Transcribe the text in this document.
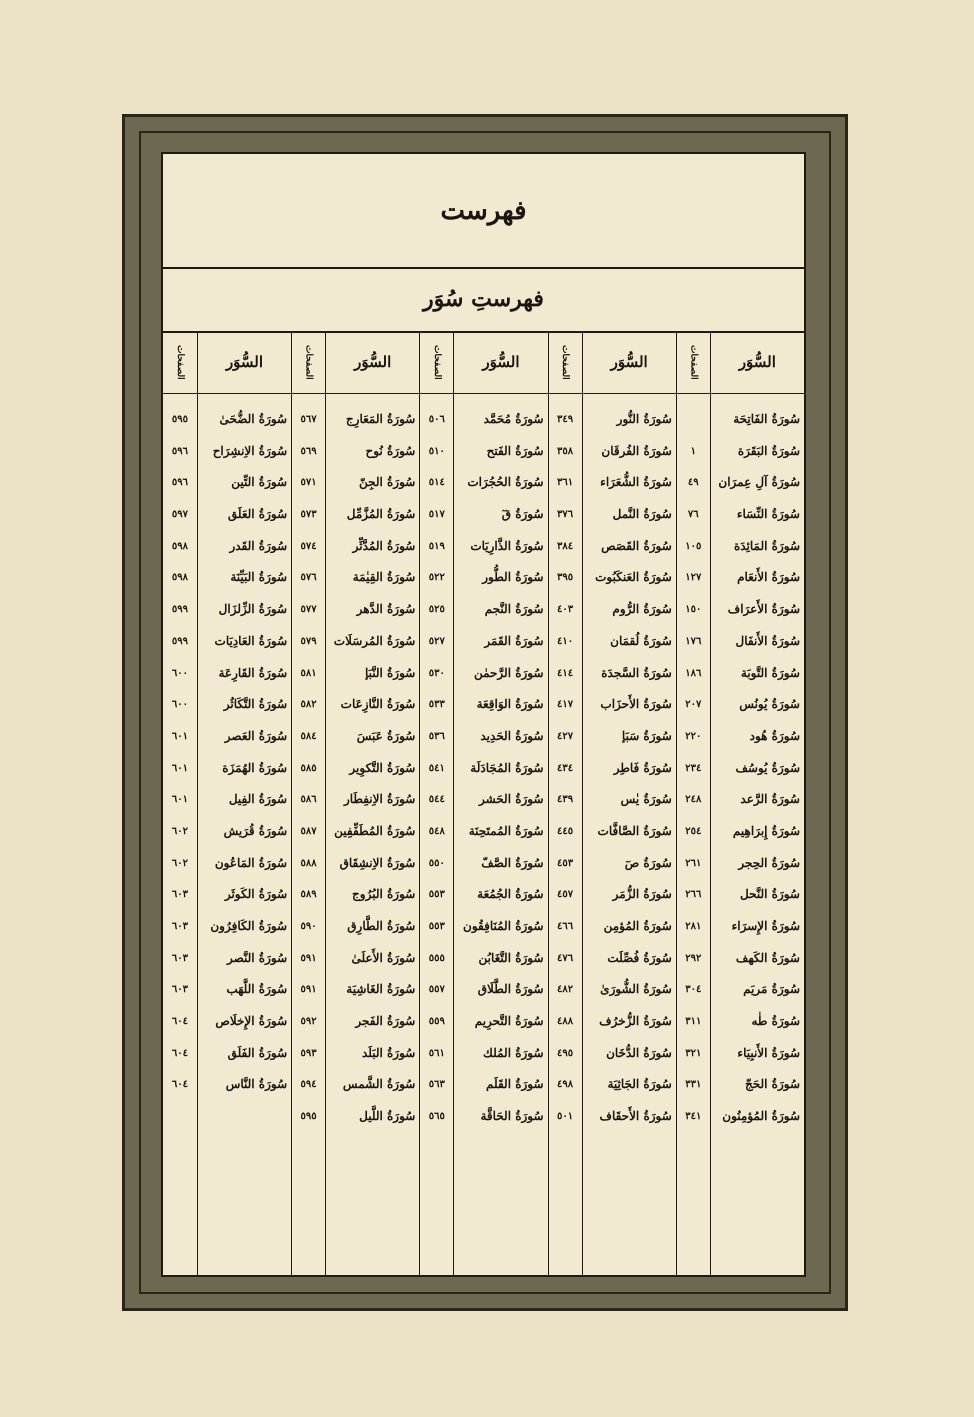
فهرست
فهرستِ سُوَر
السُّوَر
سُورَةُ الفَاتِحَة
سُورَةُ البَقَرَة
سُورَةُ آلِ عِمرَان
سُورَةُ النِّسَاء
سُورَةُ المَائِدَة
سُورَةُ الأَنعَام
سُورَةُ الأَعرَاف
سُورَةُ الأَنفَال
سُورَةُ التَّوبَة
سُورَةُ يُونُس
سُورَةُ هُود
سُورَةُ يُوسُف
سُورَةُ الرَّعد
سُورَةُ إِبرَاهِيم
سُورَةُ الحِجر
سُورَةُ النَّحل
سُورَةُ الإِسرَاء
سُورَةُ الكَهف
سُورَةُ مَريَم
سُورَةُ طٰه
سُورَةُ الأَنبِيَاء
سُورَةُ الحَجّ
سُورَةُ المُؤمِنُون
الصفحات
١
٤٩
٧٦
١٠٥
١٢٧
١٥٠
١٧٦
١٨٦
٢٠٧
٢٢٠
٢٣٤
٢٤٨
٢٥٤
٢٦١
٢٦٦
٢٨١
٢٩٢
٣٠٤
٣١١
٣٢١
٣٣١
٣٤١
السُّوَر
سُورَةُ النُّور
سُورَةُ الفُرقَان
سُورَةُ الشُّعَرَاء
سُورَةُ النَّمل
سُورَةُ القَصَص
سُورَةُ العَنكَبُوت
سُورَةُ الرُّوم
سُورَةُ لُقمَان
سُورَةُ السَّجدَة
سُورَةُ الأَحزَاب
سُورَةُ سَبَإ
سُورَةُ فَاطِر
سُورَةُ يٰس
سُورَةُ الصَّافَّات
سُورَةُ صٓ
سُورَةُ الزُّمَر
سُورَةُ المُؤمِن
سُورَةُ فُصِّلَت
سُورَةُ الشُّورَىٰ
سُورَةُ الزُّخرُف
سُورَةُ الدُّخَان
سُورَةُ الجَاثِيَة
سُورَةُ الأَحقَاف
الصفحات
٣٤٩
٣٥٨
٣٦١
٣٧٦
٣٨٤
٣٩٥
٤٠٣
٤١٠
٤١٤
٤١٧
٤٢٧
٤٣٤
٤٣٩
٤٤٥
٤٥٣
٤٥٧
٤٦٦
٤٧٦
٤٨٢
٤٨٨
٤٩٥
٤٩٨
٥٠١
السُّوَر
سُورَةُ مُحَمَّد
سُورَةُ الفَتح
سُورَةُ الحُجُرَات
سُورَةُ قٓ
سُورَةُ الذَّارِيَات
سُورَةُ الطُّور
سُورَةُ النَّجم
سُورَةُ القَمَر
سُورَةُ الرَّحمٰن
سُورَةُ الوَاقِعَة
سُورَةُ الحَدِيد
سُورَةُ المُجَادَلَة
سُورَةُ الحَشر
سُورَةُ المُمتَحِنَة
سُورَةُ الصَّفّ
سُورَةُ الجُمُعَة
سُورَةُ المُنَافِقُون
سُورَةُ التَّغَابُن
سُورَةُ الطَّلَاق
سُورَةُ التَّحرِيم
سُورَةُ المُلك
سُورَةُ القَلَم
سُورَةُ الحَاقَّة
الصفحات
٥٠٦
٥١٠
٥١٤
٥١٧
٥١٩
٥٢٢
٥٢٥
٥٢٧
٥٣٠
٥٣٣
٥٣٦
٥٤١
٥٤٤
٥٤٨
٥٥٠
٥٥٣
٥٥٣
٥٥٥
٥٥٧
٥٥٩
٥٦١
٥٦٣
٥٦٥
السُّوَر
سُورَةُ المَعَارِج
سُورَةُ نُوح
سُورَةُ الجِنّ
سُورَةُ المُزَّمِّل
سُورَةُ المُدَّثِّر
سُورَةُ القِيٰمَة
سُورَةُ الدَّهر
سُورَةُ المُرسَلَات
سُورَةُ النَّبَإ
سُورَةُ النَّازِعَات
سُورَةُ عَبَسَ
سُورَةُ التَّكوِير
سُورَةُ الاِنفِطَار
سُورَةُ المُطَفِّفِين
سُورَةُ الاِنشِقَاق
سُورَةُ البُرُوج
سُورَةُ الطَّارِق
سُورَةُ الأَعلَىٰ
سُورَةُ الغَاشِيَة
سُورَةُ الفَجر
سُورَةُ البَلَد
سُورَةُ الشَّمس
سُورَةُ اللَّيل
الصفحات
٥٦٧
٥٦٩
٥٧١
٥٧٣
٥٧٤
٥٧٦
٥٧٧
٥٧٩
٥٨١
٥٨٢
٥٨٤
٥٨٥
٥٨٦
٥٨٧
٥٨٨
٥٨٩
٥٩٠
٥٩١
٥٩١
٥٩٢
٥٩٣
٥٩٤
٥٩٥
السُّوَر
سُورَةُ الضُّحَىٰ
سُورَةُ الاِنشِرَاح
سُورَةُ التِّين
سُورَةُ العَلَق
سُورَةُ القَدر
سُورَةُ البَيِّنَة
سُورَةُ الزِّلزَال
سُورَةُ العَادِيَات
سُورَةُ القَارِعَة
سُورَةُ التَّكَاثُر
سُورَةُ العَصر
سُورَةُ الهُمَزَة
سُورَةُ الفِيل
سُورَةُ قُرَيش
سُورَةُ المَاعُون
سُورَةُ الكَوثَر
سُورَةُ الكَافِرُون
سُورَةُ النَّصر
سُورَةُ اللَّهَب
سُورَةُ الإِخلَاص
سُورَةُ الفَلَق
سُورَةُ النَّاس
الصفحات
٥٩٥
٥٩٦
٥٩٦
٥٩٧
٥٩٨
٥٩٨
٥٩٩
٥٩٩
٦٠٠
٦٠٠
٦٠١
٦٠١
٦٠١
٦٠٢
٦٠٢
٦٠٣
٦٠٣
٦٠٣
٦٠٣
٦٠٤
٦٠٤
٦٠٤
